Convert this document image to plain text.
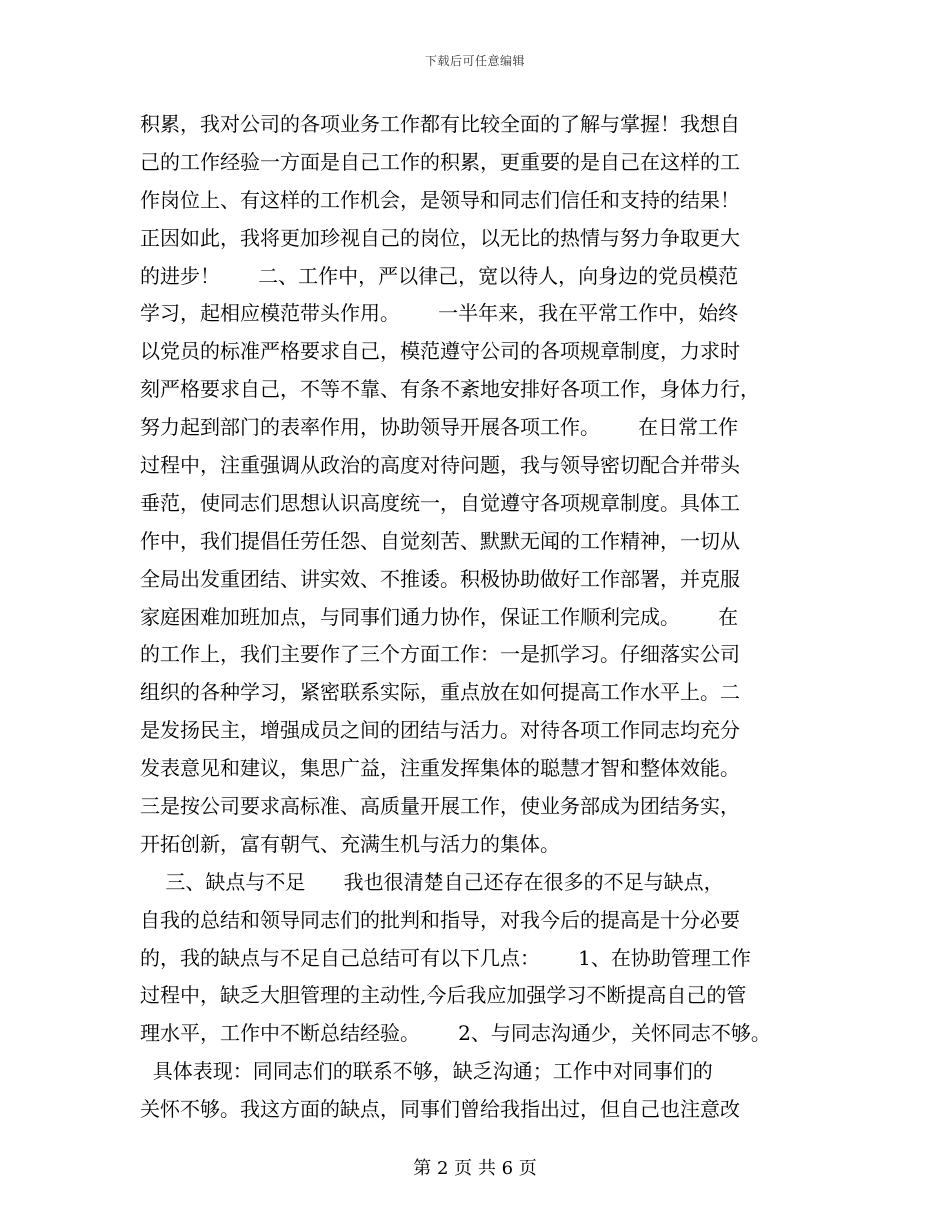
下载后可任意编辑
积累，我对公司的各项业务工作都有比较全面的了解与掌握！我想自
己的工作经验一方面是自己工作的积累，更重要的是自己在这样的工
作岗位上、有这样的工作机会，是领导和同志们信任和支持的结果！
正因如此，我将更加珍视自己的岗位，以无比的热情与努力争取更大
的进步！      二、工作中，严以律己，宽以待人，向身边的党员模范
学习，起相应模范带头作用。      一半年来，我在平常工作中，始终
以党员的标准严格要求自己，模范遵守公司的各项规章制度，力求时
刻严格要求自己，不等不靠、有条不紊地安排好各项工作，身体力行，
努力起到部门的表率作用，协助领导开展各项工作。      在日常工作
过程中，注重强调从政治的高度对待问题，我与领导密切配合并带头
垂范，使同志们思想认识高度统一，自觉遵守各项规章制度。具体工
作中，我们提倡任劳任怨、自觉刻苦、默默无闻的工作精神，一切从
全局出发重团结、讲实效、不推诿。积极协助做好工作部署，并克服
家庭困难加班加点，与同事们通力协作，保证工作顺利完成。      在
的工作上，我们主要作了三个方面工作：一是抓学习。仔细落实公司
组织的各种学习，紧密联系实际，重点放在如何提高工作水平上。二
是发扬民主，增强成员之间的团结与活力。对待各项工作同志均充分
发表意见和建议，集思广益，注重发挥集体的聪慧才智和整体效能。
三是按公司要求高标准、高质量开展工作，使业务部成为团结务实，
开拓创新，富有朝气、充满生机与活力的集体。
三、缺点与不足      我也很清楚自己还存在很多的不足与缺点，
自我的总结和领导同志们的批判和指导，对我今后的提高是十分必要
的，我的缺点与不足自己总结可有以下几点：      1、在协助管理工作
过程中，缺乏大胆管理的主动性,今后我应加强学习不断提高自己的管
理水平，工作中不断总结经验。      2、与同志沟通少，关怀同志不够。
具体表现：同同志们的联系不够，缺乏沟通；工作中对同事们的
关怀不够。我这方面的缺点，同事们曾给我指出过，但自己也注意改
第 2 页 共 6 页
